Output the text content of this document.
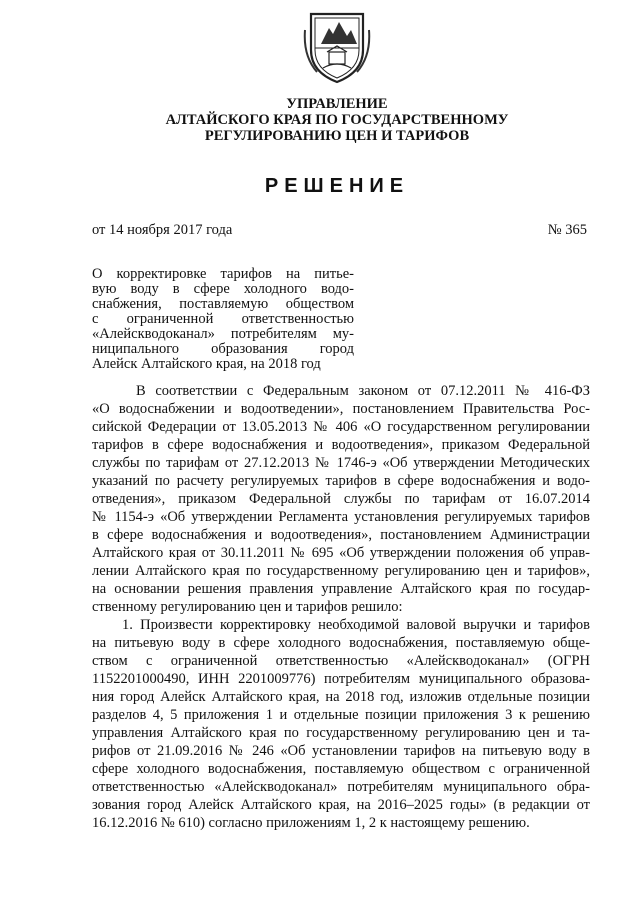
УПРАВЛЕНИЕ
АЛТАЙСКОГО КРАЯ ПО ГОСУДАРСТВЕННОМУ
РЕГУЛИРОВАНИЮ ЦЕН И ТАРИФОВ
РЕШЕНИЕ
от 14 ноября 2017 года	№ 365
О корректировке тарифов на питье-
вую воду в сфере холодного водо-
снабжения, поставляемую обществом
с ограниченной ответственностью
«Алейскводоканал» потребителям му-
ниципального образования город
Алейск Алтайского края, на 2018 год
В соответствии с Федеральным законом от 07.12.2011 № 416-ФЗ
«О водоснабжении и водоотведении», постановлением Правительства Рос-
сийской Федерации от 13.05.2013 № 406 «О государственном регулировании
тарифов в сфере водоснабжения и водоотведения», приказом Федеральной
службы по тарифам от 27.12.2013 № 1746-э «Об утверждении Методических
указаний по расчету регулируемых тарифов в сфере водоснабжения и водо-
отведения», приказом Федеральной службы по тарифам от 16.07.2014
№ 1154-э «Об утверждении Регламента установления регулируемых тарифов
в сфере водоснабжения и водоотведения», постановлением Администрации
Алтайского края от 30.11.2011 № 695 «Об утверждении положения об управ-
лении Алтайского края по государственному регулированию цен и тарифов»,
на основании решения правления управление Алтайского края по государ-
ственному регулированию цен и тарифов решило:
1. Произвести корректировку необходимой валовой выручки и тарифов
на питьевую воду в сфере холодного водоснабжения, поставляемую обще-
ством с ограниченной ответственностью «Алейскводоканал» (ОГРН
1152201000490, ИНН 2201009776) потребителям муниципального образова-
ния город Алейск Алтайского края, на 2018 год, изложив отдельные позиции
разделов 4, 5 приложения 1 и отдельные позиции приложения 3 к решению
управления Алтайского края по государственному регулированию цен и та-
рифов от 21.09.2016 № 246 «Об установлении тарифов на питьевую воду в
сфере холодного водоснабжения, поставляемую обществом с ограниченной
ответственностью «Алейскводоканал» потребителям муниципального обра-
зования город Алейск Алтайского края, на 2016–2025 годы» (в редакции от
16.12.2016 № 610) согласно приложениям 1, 2 к настоящему решению.
